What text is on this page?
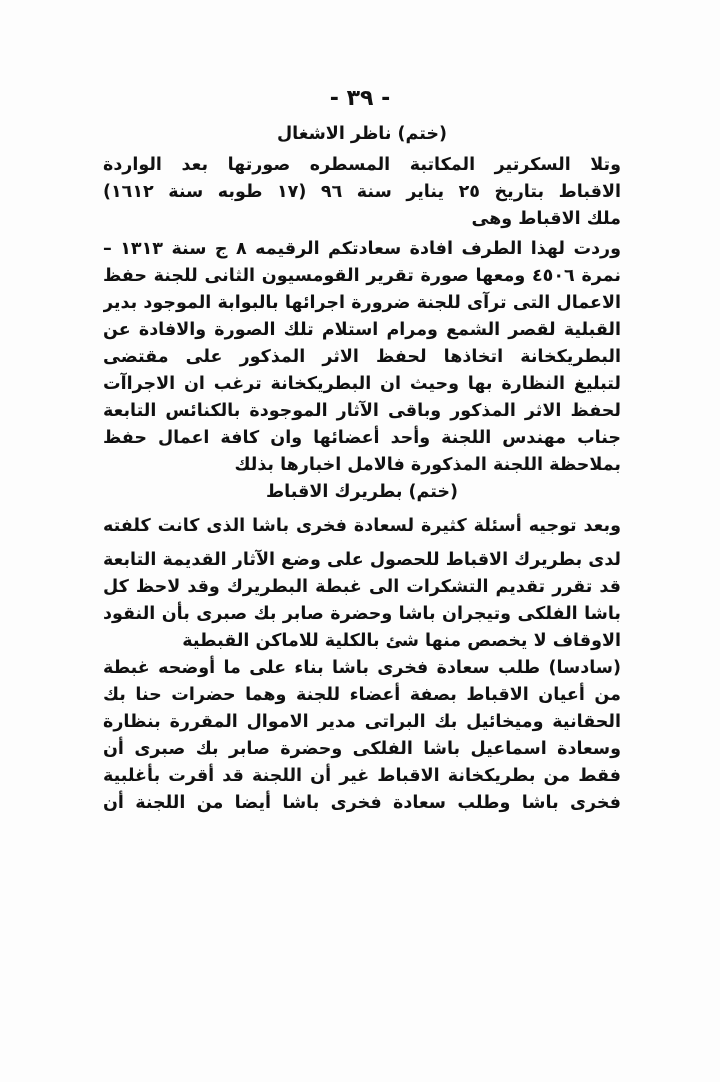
- ٣٩ -
(ختم) ناظر الاشغال
وتلا السكرتير المكاتبة المسطره صورتها بعد الواردة
الاقباط بتاريخ ٢٥ يناير سنة ٩٦ (١٧ طوبه سنة ١٦١٢)
ملك الاقباط وهى
وردت لهذا الطرف افادة سعادتكم الرقيمه ٨ ج سنة ١٣١٣ –
نمرة ٤٥٠٦ ومعها صورة تقرير القومسيون الثانى للجنة حفظ
الاعمال التى ترآى للجنة ضرورة اجرائها بالبوابة الموجود بدير
القبلية لقصر الشمع ومرام استلام تلك الصورة والافادة عن
البطريكخانة اتخاذها لحفظ الاثر المذكور على مقتضى
لتبليغ النظارة بها وحيث ان البطريكخانة ترغب ان الاجراآت
لحفظ الاثر المذكور وباقى الآثار الموجودة بالكنائس التابعة
جناب مهندس اللجنة وأحد أعضائها وان كافة اعمال حفظ
بملاحظة اللجنة المذكورة فالامل اخبارها بذلك
(ختم) بطريرك الاقباط
وبعد توجيه أسئلة كثيرة لسعادة فخرى باشا الذى كانت كلفته
لدى بطريرك الاقباط للحصول على وضع الآثار القديمة التابعة
قد تقرر تقديم التشكرات الى غبطة البطريرك وقد لاحظ كل
باشا الفلكى وتيجران باشا وحضرة صابر بك صبرى بأن النقود
الاوقاف لا يخصص منها شئ بالكلية للاماكن القبطية
(سادسا) طلب سعادة فخرى باشا بناء على ما أوضحه غبطة
من أعيان الاقباط بصفة أعضاء للجنة وهما حضرات حنا بك
الحقانية وميخائيل بك البراتى مدير الاموال المقررة بنظارة
وسعادة اسماعيل باشا الفلكى وحضرة صابر بك صبرى أن
فقط من بطريكخانة الاقباط غير أن اللجنة قد أقرت بأغلبية
فخرى باشا وطلب سعادة فخرى باشا أيضا من اللجنة أن
